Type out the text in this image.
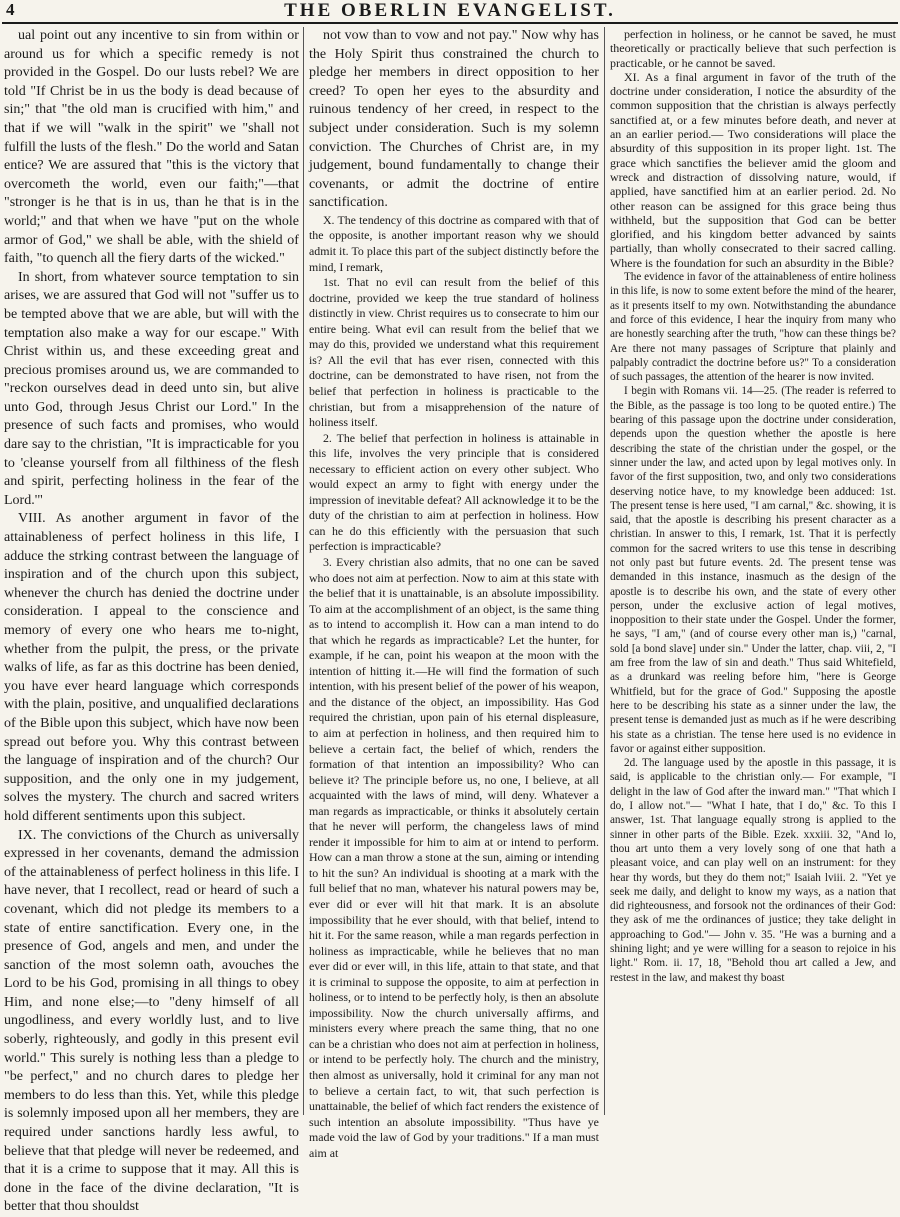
4	THE OBERLIN EVANGELIST.

ual point out any incentive to sin from within or around us for which a specific remedy is not provided in the Gospel. Do our lusts rebel? We are told "If Christ be in us the body is dead because of sin;" that "the old man is crucified with him," and that if we will "walk in the spirit" we "shall not fulfill the lusts of the flesh." Do the world and Satan entice? We are assured that "this is the victory that overcometh the world, even our faith;"—that "stronger is he that is in us, than he that is in the world;" and that when we have "put on the whole armor of God," we shall be able, with the shield of faith, "to quench all the fiery darts of the wicked."

In short, from whatever source temptation to sin arises, we are assured that God will not "suffer us to be tempted above that we are able, but will with the temptation also make a way for our escape." With Christ within us, and these exceeding great and precious promises around us, we are commanded to "reckon ourselves dead in deed unto sin, but alive unto God, through Jesus Christ our Lord." In the presence of such facts and promises, who would dare say to the christian, "It is impracticable for you to 'cleanse yourself from all filthiness of the flesh and spirit, perfecting holiness in the fear of the Lord.'"

VIII. As another argument in favor of the attainableness of perfect holiness in this life, I adduce the strking contrast between the language of inspiration and of the church upon this subject, whenever the church has denied the doctrine under consideration. I appeal to the conscience and memory of every one who hears me to-night, whether from the pulpit, the press, or the private walks of life, as far as this doctrine has been denied, you have ever heard language which corresponds with the plain, positive, and unqualified declarations of the Bible upon this subject, which have now been spread out before you. Why this contrast between the language of inspiration and of the church? Our supposition, and the only one in my judgement, solves the mystery. The church and sacred writers hold different sentiments upon this subject.

IX. The convictions of the Church as universally expressed in her covenants, demand the admission of the attainableness of perfect holiness in this life. I have never, that I recollect, read or heard of such a covenant, which did not pledge its members to a state of entire sanctification. Every one, in the presence of God, angels and men, and under the sanction of the most solemn oath, avouches the Lord to be his God, promising in all things to obey Him, and none else;—to "deny himself of all ungodliness, and every worldly lust, and to live soberly, righteously, and godly in this present evil world." This surely is nothing less than a pledge to "be perfect," and no church dares to pledge her members to do less than this. Yet, while this pledge is solemnly imposed upon all her members, they are required under sanctions hardly less awful, to believe that that pledge will never be redeemed, and that it is a crime to suppose that it may. All this is done in the face of the divine declaration, "It is better that thou shouldst

not vow than to vow and not pay." Now why has the Holy Spirit thus constrained the church to pledge her members in direct opposition to her creed? To open her eyes to the absurdity and ruinous tendency of her creed, in respect to the subject under consideration. Such is my solemn conviction. The Churches of Christ are, in my judgement, bound fundamentally to change their covenants, or admit the doctrine of entire sanctification.

X. The tendency of this doctrine as compared with that of the opposite, is another important reason why we should admit it. To place this part of the subject distinctly before the mind, I remark,

1st. That no evil can result from the belief of this doctrine, provided we keep the true standard of holiness distinctly in view. Christ requires us to consecrate to him our entire being. What evil can result from the belief that we may do this, provided we understand what this requirement is? All the evil that has ever risen, connected with this doctrine, can be demonstrated to have risen, not from the belief that perfection in holiness is practicable to the christian, but from a misapprehension of the nature of holiness itself.

2. The belief that perfection in holiness is attainable in this life, involves the very principle that is considered necessary to efficient action on every other subject. Who would expect an army to fight with energy under the impression of inevitable defeat? All acknowledge it to be the duty of the christian to aim at perfection in holiness. How can he do this efficiently with the persuasion that such perfection is impracticable?

3. Every christian also admits, that no one can be saved who does not aim at perfection. Now to aim at this state with the belief that it is unattainable, is an absolute impossibility. To aim at the accomplishment of an object, is the same thing as to intend to accomplish it. How can a man intend to do that which he regards as impracticable? Let the hunter, for example, if he can, point his weapon at the moon with the intention of hitting it.—He will find the formation of such intention, with his present belief of the power of his weapon, and the distance of the object, an impossibility. Has God required the christian, upon pain of his eternal displeasure, to aim at perfection in holiness, and then required him to believe a certain fact, the belief of which, renders the formation of that intention an impossibility? Who can believe it? The principle before us, no one, I believe, at all acquainted with the laws of mind, will deny. Whatever a man regards as impracticable, or thinks it absolutely certain that he never will perform, the changeless laws of mind render it impossible for him to aim at or intend to perform. How can a man throw a stone at the sun, aiming or intending to hit the sun? An individual is shooting at a mark with the full belief that no man, whatever his natural powers may be, ever did or ever will hit that mark. It is an absolute impossibility that he ever should, with that belief, intend to hit it. For the same reason, while a man regards perfection in holiness as impracticable, while he believes that no man ever did or ever will, in this life, attain to that state, and that it is criminal to suppose the opposite, to aim at perfection in holiness, or to intend to be perfectly holy, is then an absolute impossibility. Now the church universally affirms, and ministers every where preach the same thing, that no one can be a christian who does not aim at perfection in holiness, or intend to be perfectly holy. The church and the ministry, then almost as universally, hold it criminal for any man not to believe a certain fact, to wit, that such perfection is unattainable, the belief of which fact renders the existence of such intention an absolute impossibility. "Thus have ye made void the law of God by your traditions." If a man must aim at

perfection in holiness, or he cannot be saved, he must theoretically or practically believe that such perfection is practicable, or he cannot be saved.

XI. As a final argument in favor of the truth of the doctrine under consideration, I notice the absurdity of the common supposition that the christian is always perfectly sanctified at, or a few minutes before death, and never at an an earlier period.— Two considerations will place the absurdity of this supposition in its proper light. 1st. The grace which sanctifies the believer amid the gloom and wreck and distraction of dissolving nature, would, if applied, have sanctified him at an earlier period. 2d. No other reason can be assigned for this grace being thus withheld, but the supposition that God can be better glorified, and his kingdom better advanced by saints partially, than wholly consecrated to their sacred calling. Where is the foundation for such an absurdity in the Bible?

The evidence in favor of the attainableness of entire holiness in this life, is now to some extent before the mind of the hearer, as it presents itself to my own. Notwithstanding the abundance and force of this evidence, I hear the inquiry from many who are honestly searching after the truth, "how can these things be? Are there not many passages of Scripture that plainly and palpably contradict the doctrine before us?" To a consideration of such passages, the attention of the hearer is now invited.

I begin with Romans vii. 14—25. (The reader is referred to the Bible, as the passage is too long to be quoted entire.) The bearing of this passage upon the doctrine under consideration, depends upon the question whether the apostle is here describing the state of the christian under the gospel, or the sinner under the law, and acted upon by legal motives only. In favor of the first supposition, two, and only two considerations deserving notice have, to my knowledge been adduced: 1st. The present tense is here used, "I am carnal," &c. showing, it is said, that the apostle is describing his present character as a christian. In answer to this, I remark, 1st. That it is perfectly common for the sacred writers to use this tense in describing not only past but future events. 2d. The present tense was demanded in this instance, inasmuch as the design of the apostle is to describe his own, and the state of every other person, under the exclusive action of legal motives, inopposition to their state under the Gospel. Under the former, he says, "I am," (and of course every other man is,) "carnal, sold [a bond slave] under sin." Under the latter, chap. viii, 2, "I am free from the law of sin and death." Thus said Whitefield, as a drunkard was reeling before him, "here is George Whitfield, but for the grace of God." Supposing the apostle here to be describing his state as a sinner under the law, the present tense is demanded just as much as if he were describing his state as a christian. The tense here used is no evidence in favor or against either supposition.

2d. The language used by the apostle in this passage, it is said, is applicable to the christian only.— For example, "I delight in the law of God after the inward man." "That which I do, I allow not."— "What I hate, that I do," &c. To this I answer, 1st. That language equally strong is applied to the sinner in other parts of the Bible. Ezek. xxxiii. 32, "And lo, thou art unto them a very lovely song of one that hath a pleasant voice, and can play well on an instrument: for they hear thy words, but they do them not;" Isaiah lviii. 2. "Yet ye seek me daily, and delight to know my ways, as a nation that did righteousness, and forsook not the ordinances of their God: they ask of me the ordinances of justice; they take delight in approaching to God."— John v. 35. "He was a burning and a shining light; and ye were willing for a season to rejoice in his light." Rom. ii. 17, 18, "Behold thou art called a Jew, and restest in the law, and makest thy boast
